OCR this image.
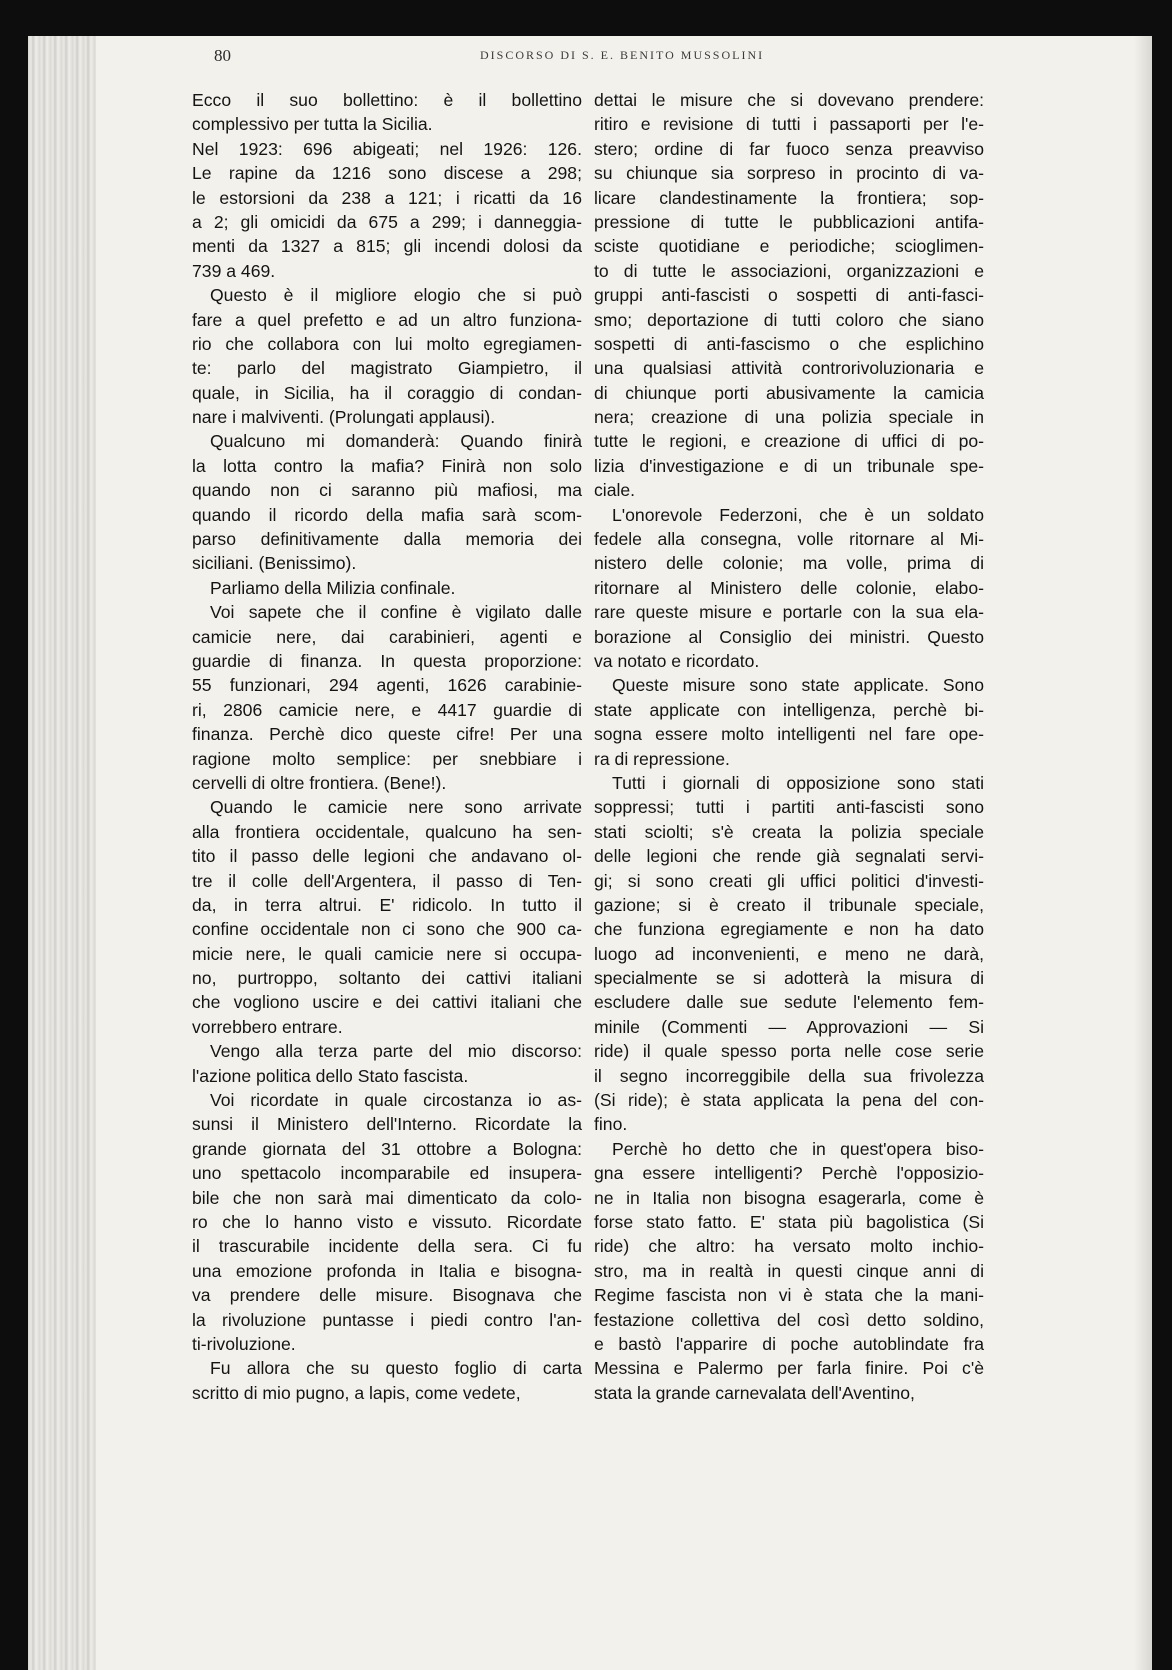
80	DISCORSO DI S. E. BENITO MUSSOLINI
Ecco il suo bollettino: è il bollettino
complessivo per tutta la Sicilia.
Nel 1923: 696 abigeati; nel 1926: 126.
Le rapine da 1216 sono discese a 298;
le estorsioni da 238 a 121; i ricatti da 16
a 2; gli omicidi da 675 a 299; i danneggia-
menti da 1327 a 815; gli incendi dolosi da
739 a 469.
Questo è il migliore elogio che si può
fare a quel prefetto e ad un altro funziona-
rio che collabora con lui molto egregiamen-
te: parlo del magistrato Giampietro, il
quale, in Sicilia, ha il coraggio di condan-
nare i malviventi. (Prolungati applausi).
Qualcuno mi domanderà: Quando finirà
la lotta contro la mafia? Finirà non solo
quando non ci saranno più mafiosi, ma
quando il ricordo della mafia sarà scom-
parso definitivamente dalla memoria dei
siciliani. (Benissimo).
Parliamo della Milizia confinale.
Voi sapete che il confine è vigilato dalle
camicie nere, dai carabinieri, agenti e
guardie di finanza. In questa proporzione:
55 funzionari, 294 agenti, 1626 carabinie-
ri, 2806 camicie nere, e 4417 guardie di
finanza. Perchè dico queste cifre! Per una
ragione molto semplice: per snebbiare i
cervelli di oltre frontiera. (Bene!).
Quando le camicie nere sono arrivate
alla frontiera occidentale, qualcuno ha sen-
tito il passo delle legioni che andavano ol-
tre il colle dell'Argentera, il passo di Ten-
da, in terra altrui. E' ridicolo. In tutto il
confine occidentale non ci sono che 900 ca-
micie nere, le quali camicie nere si occupa-
no, purtroppo, soltanto dei cattivi italiani
che vogliono uscire e dei cattivi italiani che
vorrebbero entrare.
Vengo alla terza parte del mio discorso:
l'azione politica dello Stato fascista.
Voi ricordate in quale circostanza io as-
sunsi il Ministero dell'Interno. Ricordate la
grande giornata del 31 ottobre a Bologna:
uno spettacolo incomparabile ed insupera-
bile che non sarà mai dimenticato da colo-
ro che lo hanno visto e vissuto. Ricordate
il trascurabile incidente della sera. Ci fu
una emozione profonda in Italia e bisogna-
va prendere delle misure. Bisognava che
la rivoluzione puntasse i piedi contro l'an-
ti-rivoluzione.
Fu allora che su questo foglio di carta
scritto di mio pugno, a lapis, come vedete,
dettai le misure che si dovevano prendere:
ritiro e revisione di tutti i passaporti per l'e-
stero; ordine di far fuoco senza preavviso
su chiunque sia sorpreso in procinto di va-
licare clandestinamente la frontiera; sop-
pressione di tutte le pubblicazioni antifa-
sciste quotidiane e periodiche; scioglimen-
to di tutte le associazioni, organizzazioni e
gruppi anti-fascisti o sospetti di anti-fasci-
smo; deportazione di tutti coloro che siano
sospetti di anti-fascismo o che esplichino
una qualsiasi attività controrivoluzionaria e
di chiunque porti abusivamente la camicia
nera; creazione di una polizia speciale in
tutte le regioni, e creazione di uffici di po-
lizia d'investigazione e di un tribunale spe-
ciale.
L'onorevole Federzoni, che è un soldato
fedele alla consegna, volle ritornare al Mi-
nistero delle colonie; ma volle, prima di
ritornare al Ministero delle colonie, elabo-
rare queste misure e portarle con la sua ela-
borazione al Consiglio dei ministri. Questo
va notato e ricordato.
Queste misure sono state applicate. Sono
state applicate con intelligenza, perchè bi-
sogna essere molto intelligenti nel fare ope-
ra di repressione.
Tutti i giornali di opposizione sono stati
soppressi; tutti i partiti anti-fascisti sono
stati sciolti; s'è creata la polizia speciale
delle legioni che rende già segnalati servi-
gi; si sono creati gli uffici politici d'investi-
gazione; si è creato il tribunale speciale,
che funziona egregiamente e non ha dato
luogo ad inconvenienti, e meno ne darà,
specialmente se si adotterà la misura di
escludere dalle sue sedute l'elemento fem-
minile (Commenti — Approvazioni — Si
ride) il quale spesso porta nelle cose serie
il segno incorreggibile della sua frivolezza
(Si ride); è stata applicata la pena del con-
fino.
Perchè ho detto che in quest'opera biso-
gna essere intelligenti? Perchè l'opposizio-
ne in Italia non bisogna esagerarla, come è
forse stato fatto. E' stata più bagolistica (Si
ride) che altro: ha versato molto inchio-
stro, ma in realtà in questi cinque anni di
Regime fascista non vi è stata che la mani-
festazione collettiva del così detto soldino,
e bastò l'apparire di poche autoblindate fra
Messina e Palermo per farla finire. Poi c'è
stata la grande carnevalata dell'Aventino,
